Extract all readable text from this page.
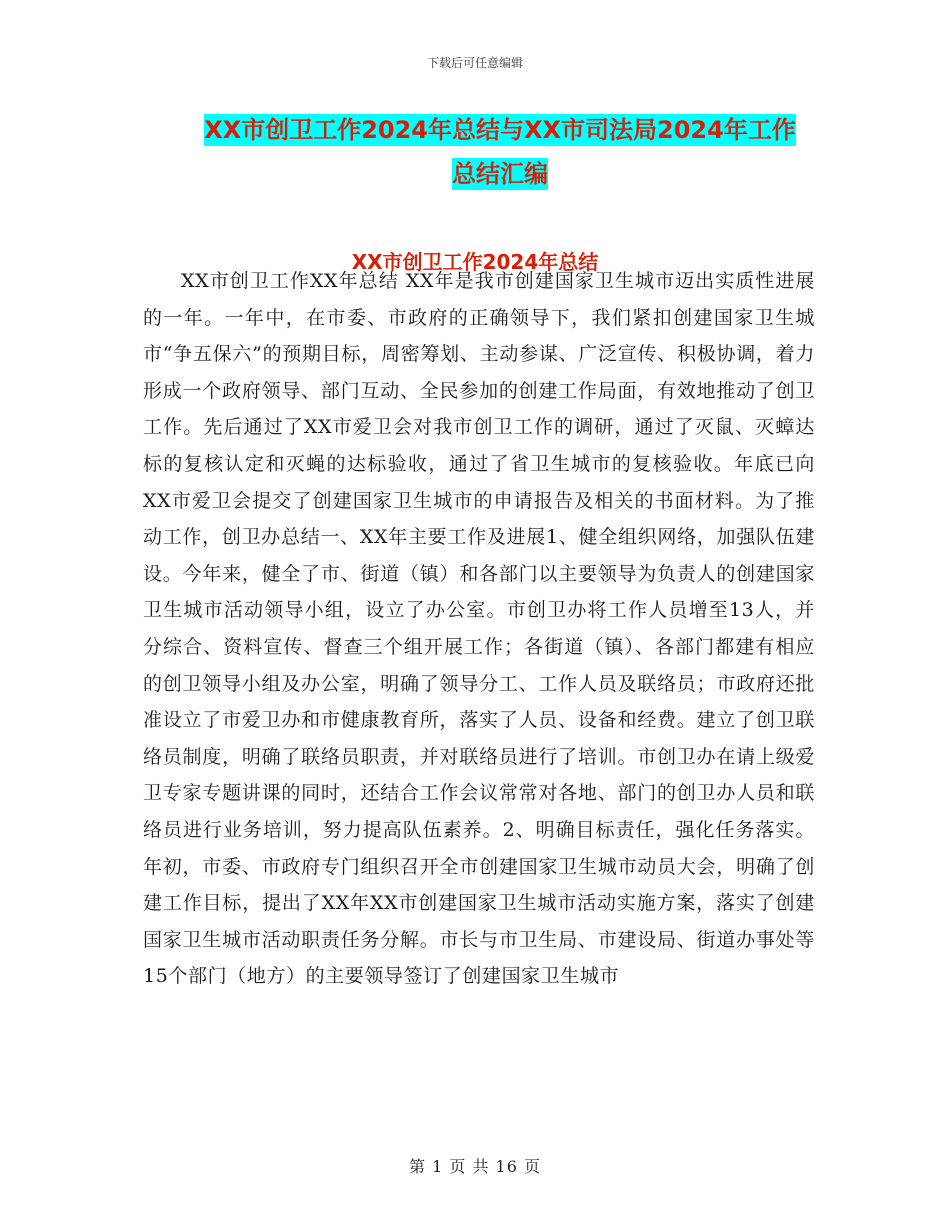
下载后可任意编辑
XX市创卫工作2024年总结与XX市司法局2024年工作
总结汇编
XX市创卫工作2024年总结

XX市创卫工作XX年总结 XX年是我市创建国家卫生城市迈出实质性进展的一年。一年中，在市委、市政府的正确领导下，我们紧扣创建国家卫生城市“争五保六”的预期目标，周密筹划、主动参谋、广泛宣传、积极协调，着力形成一个政府领导、部门互动、全民参加的创建工作局面，有效地推动了创卫工作。先后通过了XX市爱卫会对我市创卫工作的调研，通过了灭鼠、灭蟑达标的复核认定和灭蝇的达标验收，通过了省卫生城市的复核验收。年底已向XX市爱卫会提交了创建国家卫生城市的申请报告及相关的书面材料。为了推动工作，创卫办总结一、XX年主要工作及进展1、健全组织网络，加强队伍建设。今年来，健全了市、街道（镇）和各部门以主要领导为负责人的创建国家卫生城市活动领导小组，设立了办公室。市创卫办将工作人员增至13人，并分综合、资料宣传、督查三个组开展工作；各街道（镇）、各部门都建有相应的创卫领导小组及办公室，明确了领导分工、工作人员及联络员；市政府还批准设立了市爱卫办和市健康教育所，落实了人员、设备和经费。建立了创卫联络员制度，明确了联络员职责，并对联络员进行了培训。市创卫办在请上级爱卫专家专题讲课的同时，还结合工作会议常常对各地、部门的创卫办人员和联络员进行业务培训，努力提高队伍素养。2、明确目标责任，强化任务落实。年初，市委、市政府专门组织召开全市创建国家卫生城市动员大会，明确了创建工作目标，提出了XX年XX市创建国家卫生城市活动实施方案，落实了创建国家卫生城市活动职责任务分解。市长与市卫生局、市建设局、街道办事处等15个部门（地方）的主要领导签订了创建国家卫生城市

第 1 页 共 16 页
